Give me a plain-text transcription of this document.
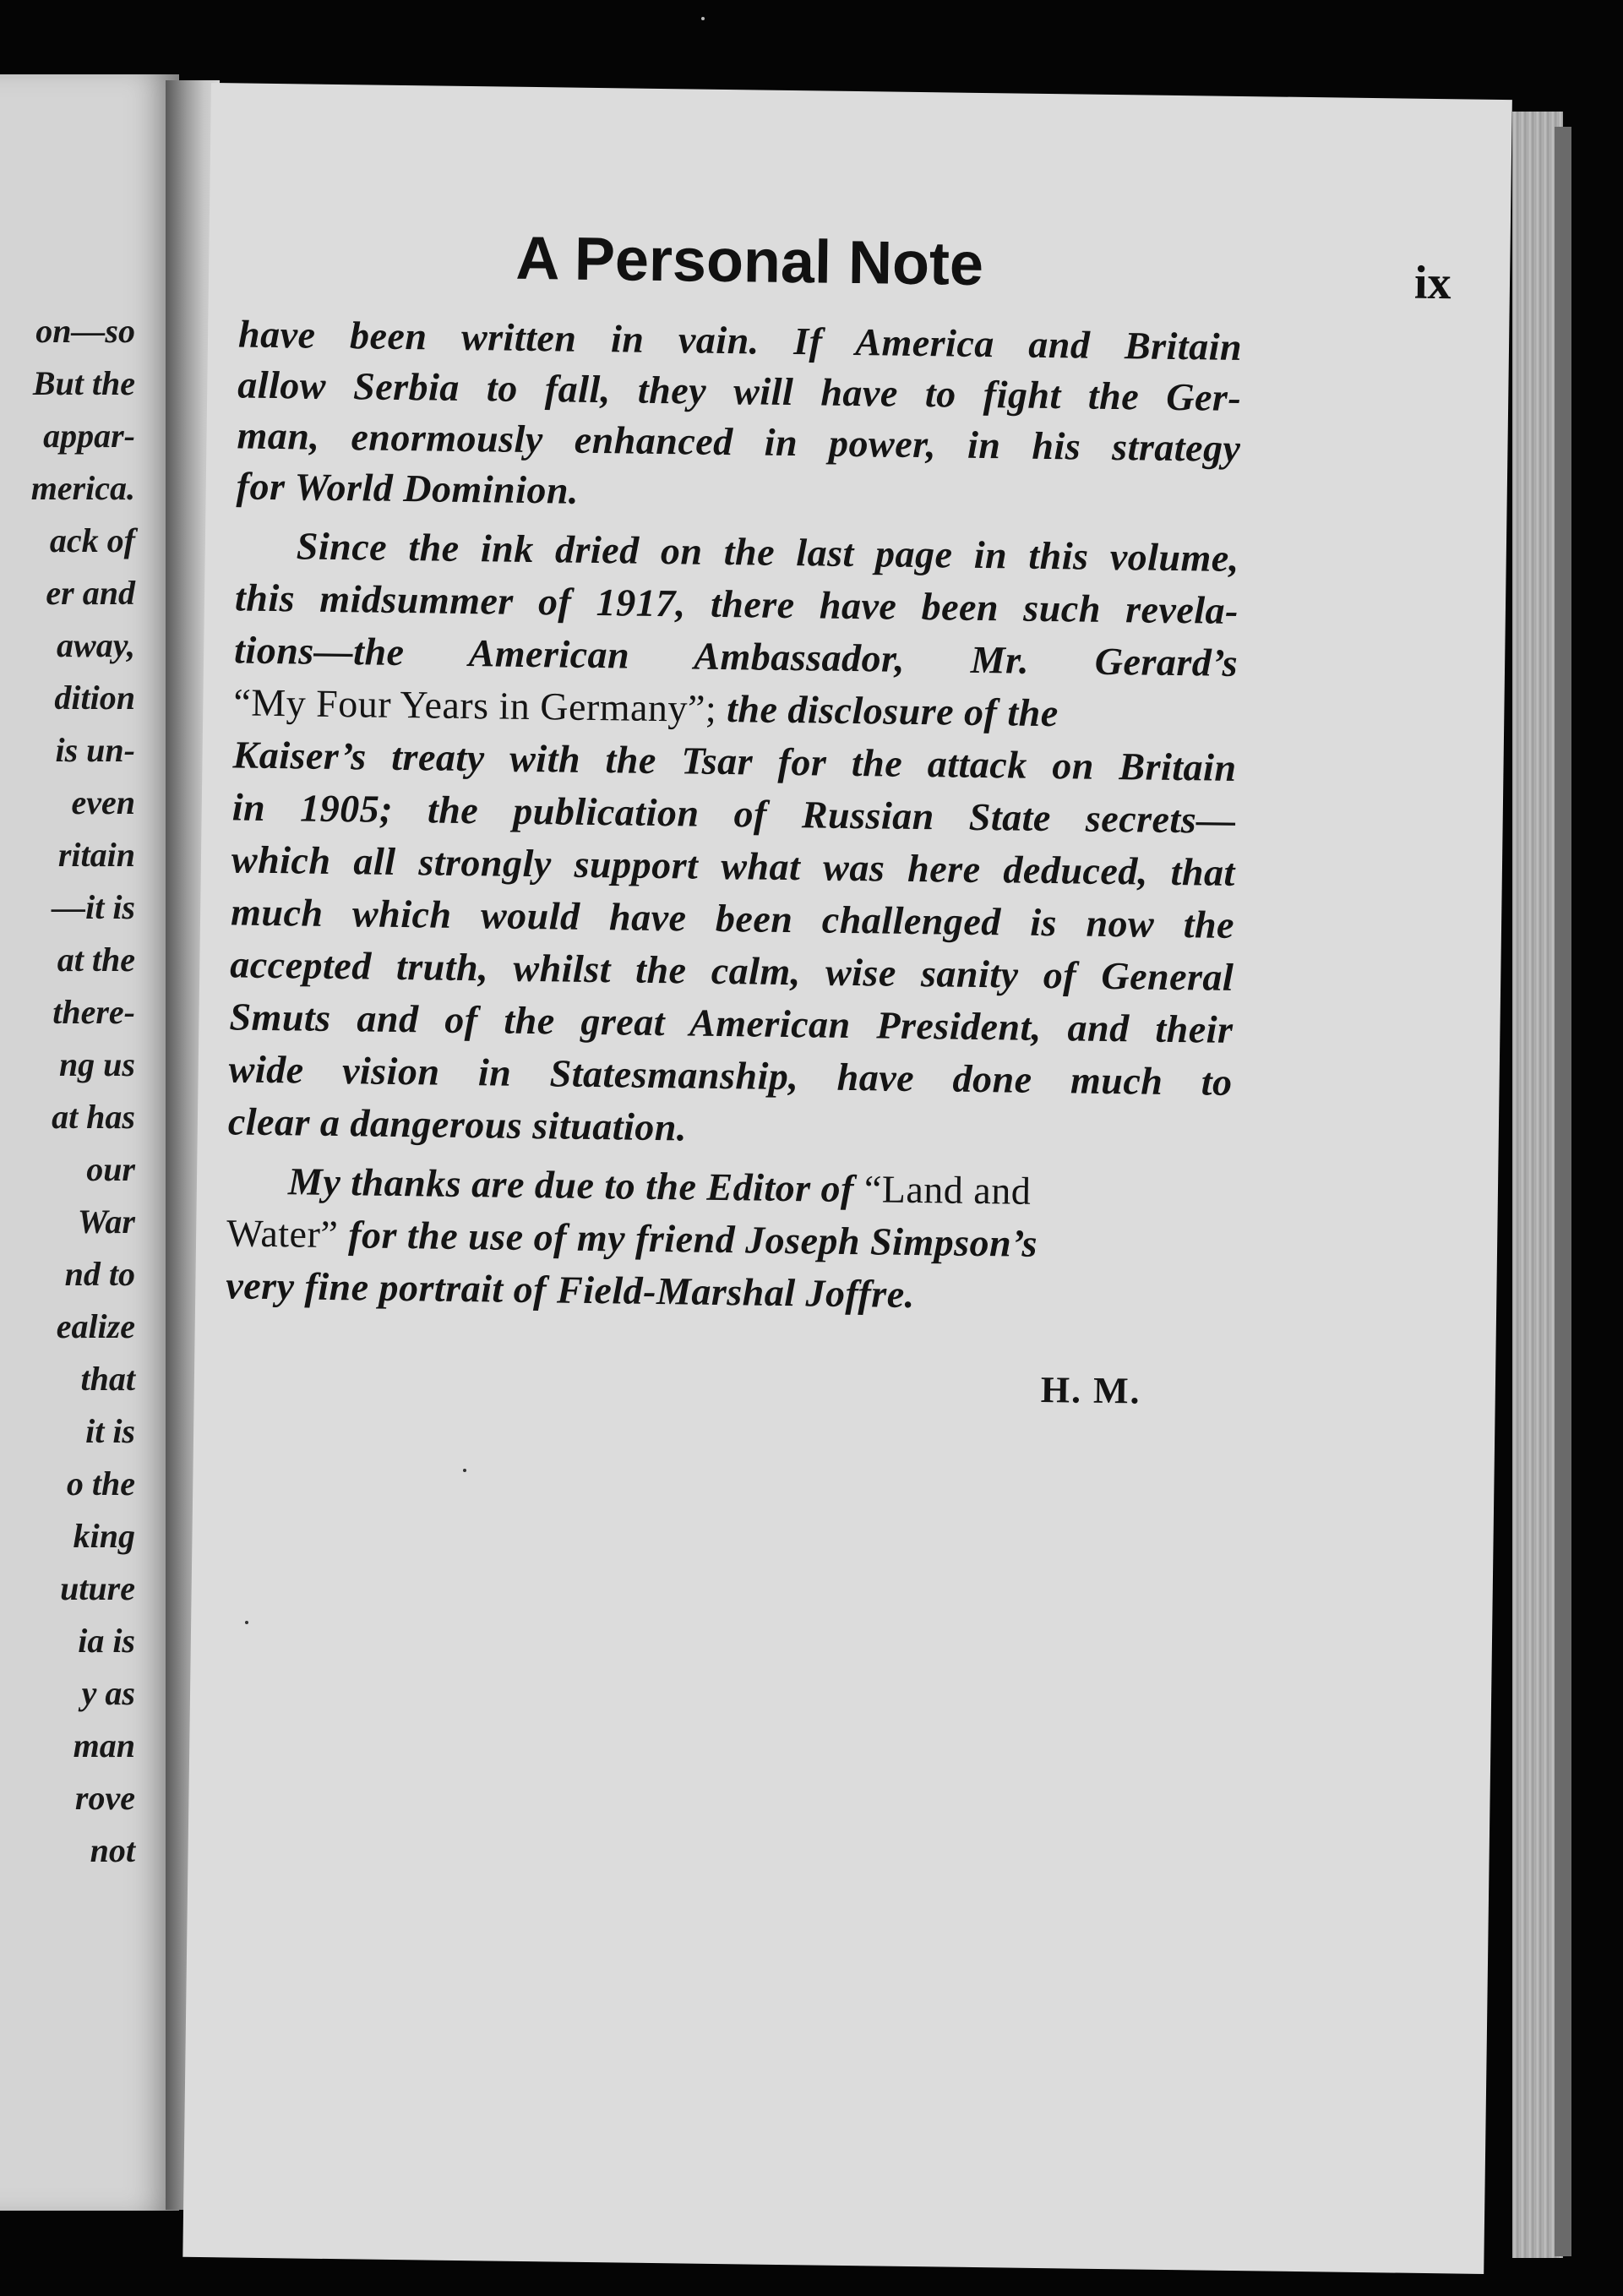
on—so
But the
appar-
merica.
ack of
er and
away,
dition
is un-
even
ritain
—it is
at the
there-
ng us
at has
our
War
nd to
ealize
that
it is
o the
king
uture
ia is
y as
man
rove
not
A Personal Note	ix
have been written in vain. If America and Britain
allow Serbia to fall, they will have to fight the Ger-
man, enormously enhanced in power, in his strategy
for World Dominion.
Since the ink dried on the last page in this volume,
this midsummer of 1917, there have been such revela-
tions—the American Ambassador, Mr. Gerard’s
“My Four Years in Germany”; the disclosure of the
Kaiser’s treaty with the Tsar for the attack on Britain
in 1905; the publication of Russian State secrets—
which all strongly support what was here deduced, that
much which would have been challenged is now the
accepted truth, whilst the calm, wise sanity of General
Smuts and of the great American President, and their
wide vision in Statesmanship, have done much to
clear a dangerous situation.
My thanks are due to the Editor of “Land and
Water” for the use of my friend Joseph Simpson’s
very fine portrait of Field-Marshal Joffre.
H. M.
